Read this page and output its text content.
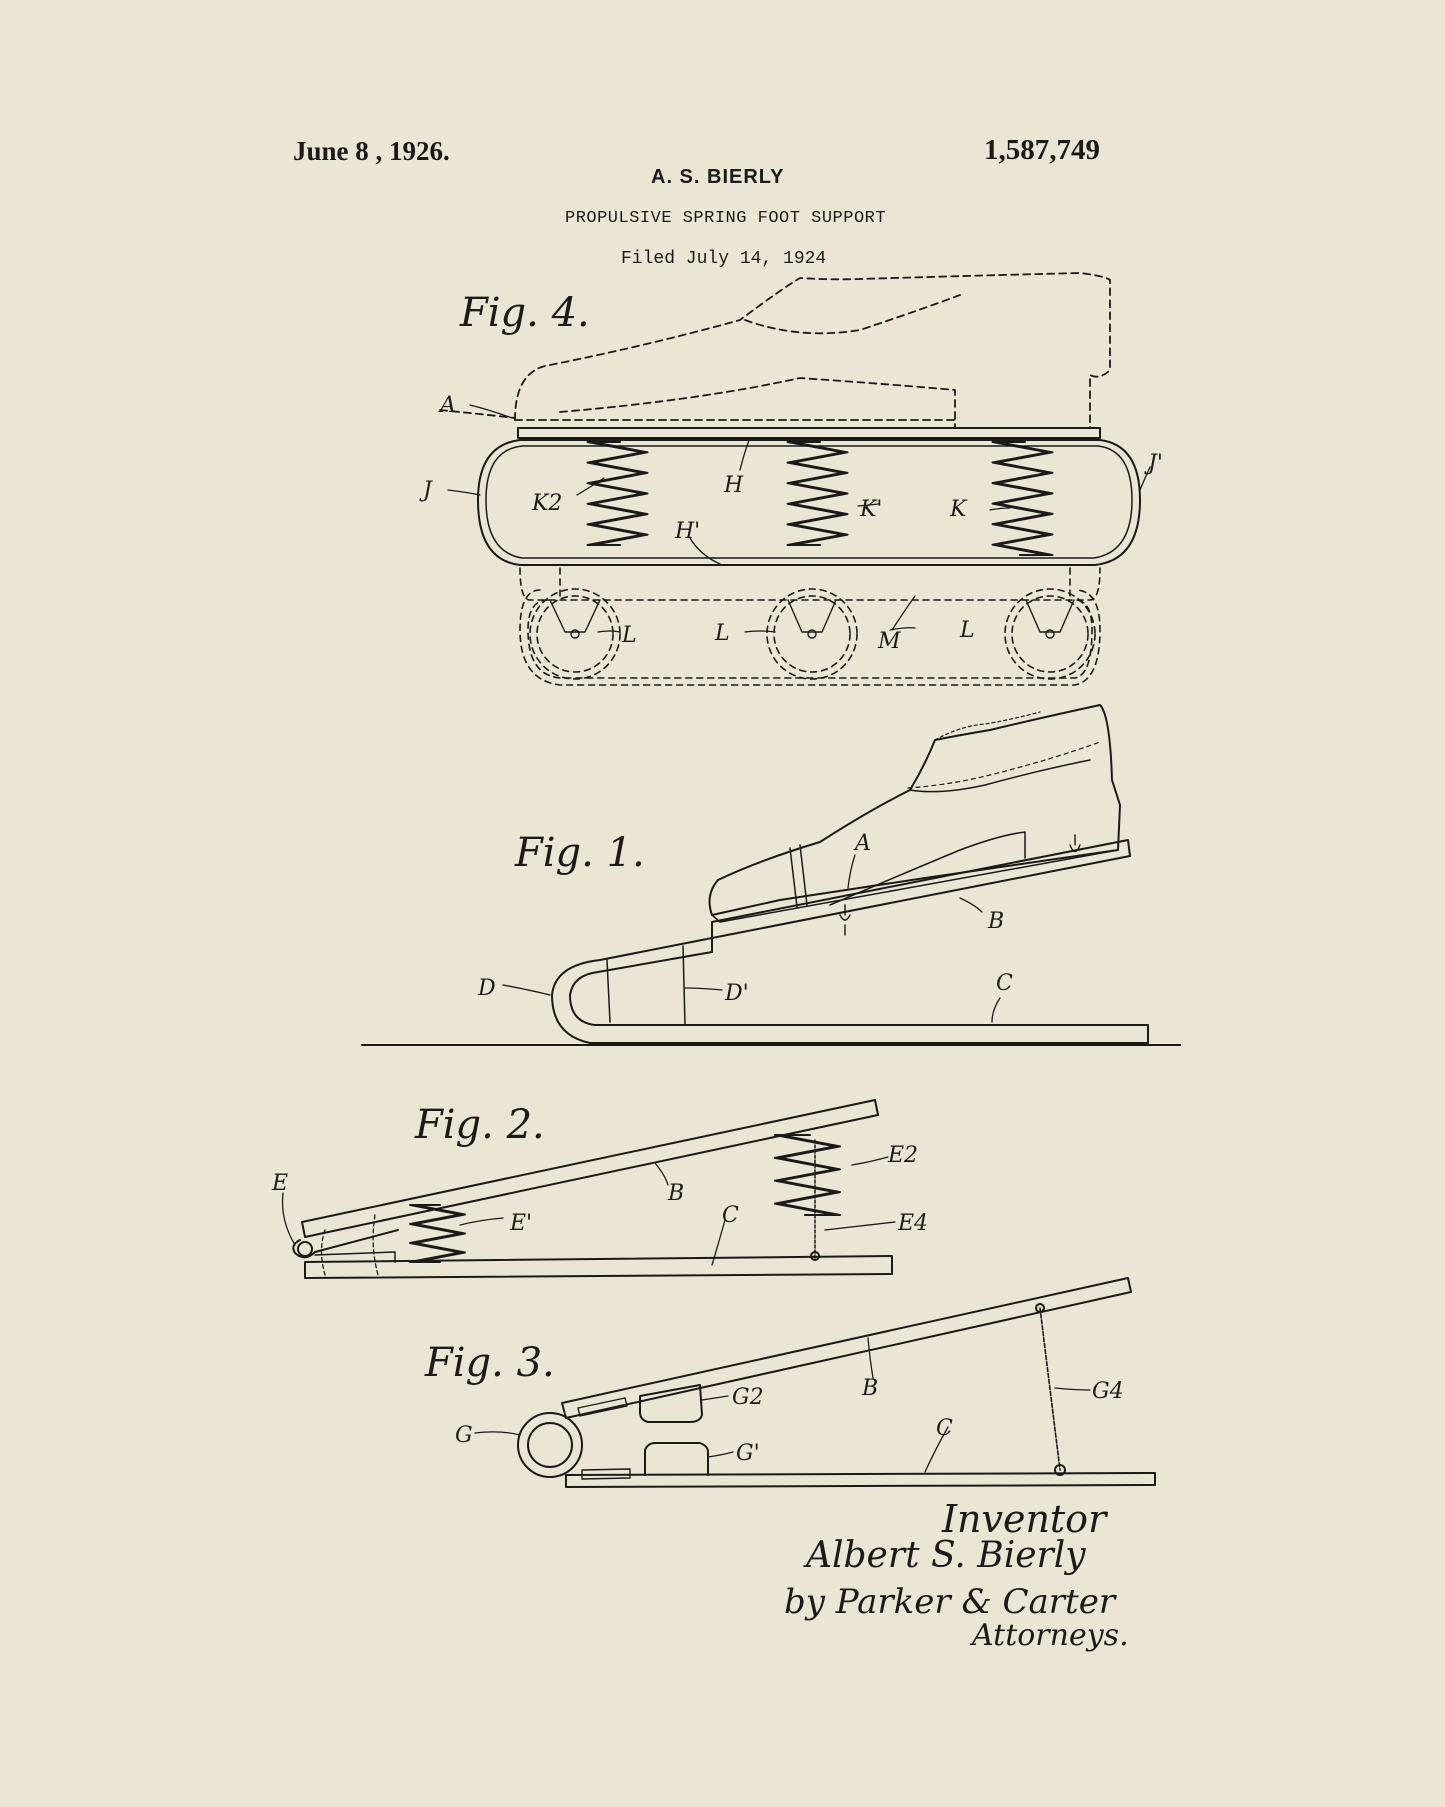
June 8 , 1926.	1,587,749
A. S. BIERLY
PROPULSIVE SPRING FOOT SUPPORT
Filed July 14, 1924
Fig. 4.
A
H
H'
J
J'
K
K'
K2
L	L	L
M
Fig. 1.	A
B
C
D	D'
Fig. 2.
E	B
C
E'
E2
E4
Fig. 3.
G
B
C
G2
G'
G4
Inventor
Albert S. Bierly
by Parker & Carter
Attorneys.
